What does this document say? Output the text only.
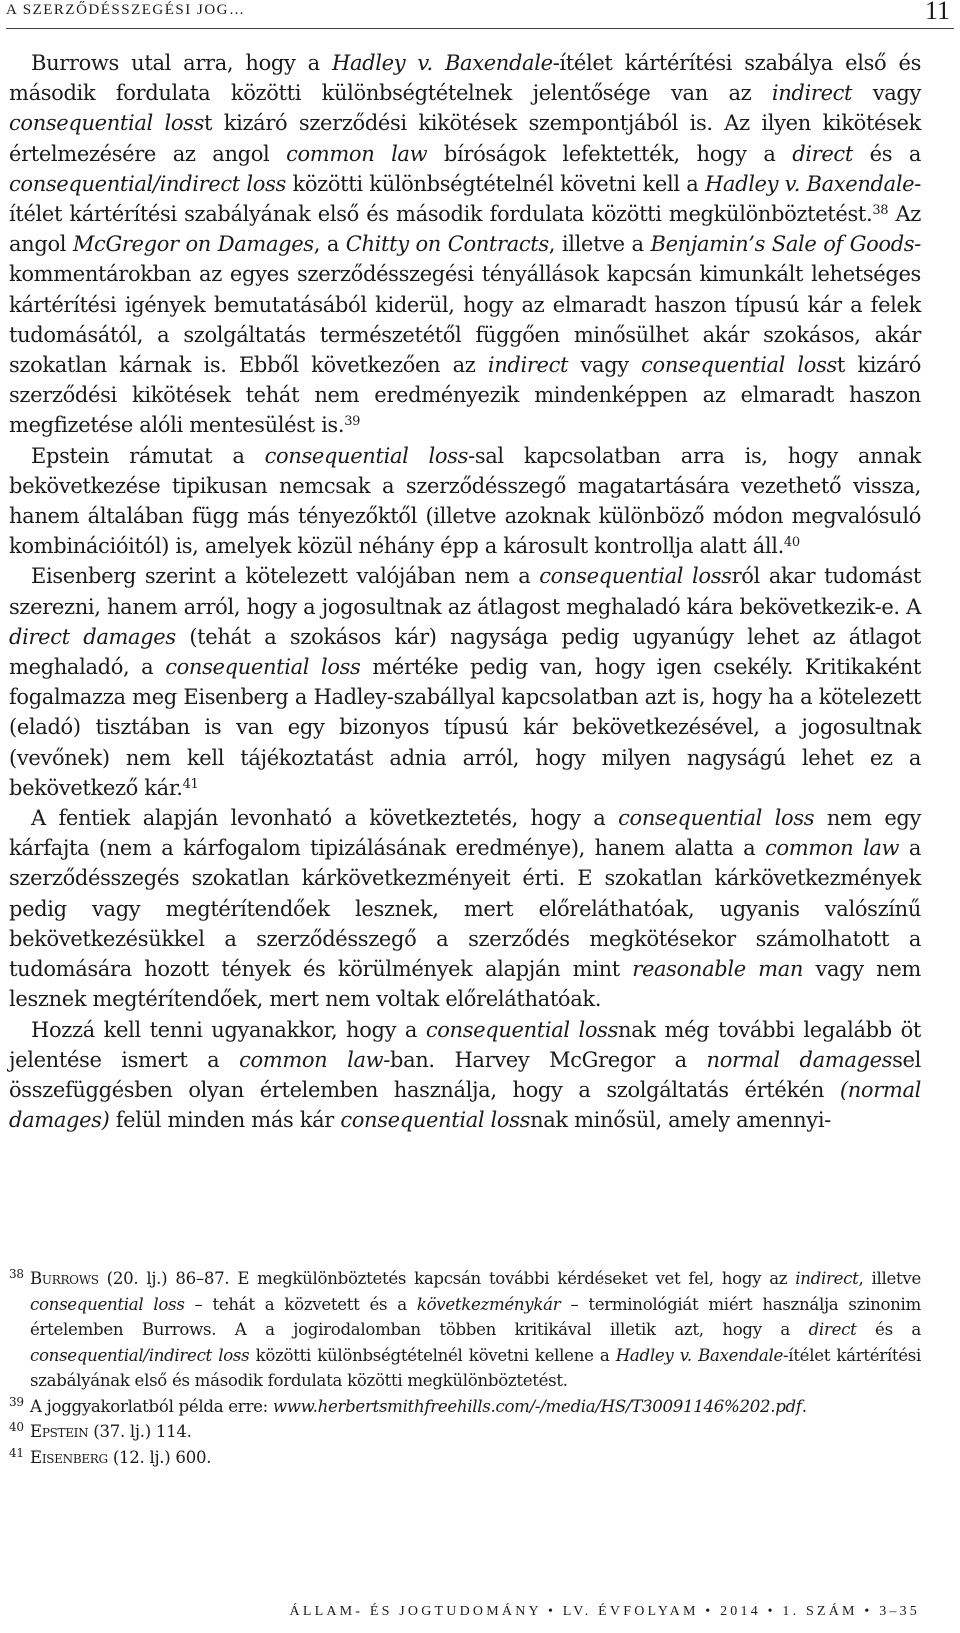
A SZERZŐDÉSSZEGÉSI JOG…	11

Burrows utal arra, hogy a Hadley v. Baxendale-ítélet kártérítési szabálya első és második fordulata közötti különbségtételnek jelentősége van az indirect vagy consequential losst kizáró szerződési kikötések szempontjából is. Az ilyen kikötések értelmezésére az angol common law bíróságok lefektették, hogy a direct és a consequential/indirect loss közötti különbségtételnél követni kell a Hadley v. Baxendale-ítélet kártérítési szabályának első és második fordulata közötti megkülönböztetést.$^{38}$ Az angol McGregor on Damages, a Chitty on Contracts, illetve a Benjamin’s Sale of Goods-kommentárokban az egyes szerződésszegési tényállások kapcsán kimunkált lehetséges kártérítési igények bemutatásából kiderül, hogy az elmaradt haszon típusú kár a felek tudomásától, a szolgáltatás természetétől függően minősülhet akár szokásos, akár szokatlan kárnak is. Ebből következően az indirect vagy consequential losst kizáró szerződési kikötések tehát nem eredményezik mindenképpen az elmaradt haszon megfizetése alóli mentesülést is.$^{39}$

Epstein rámutat a consequential loss-sal kapcsolatban arra is, hogy annak bekövetkezése tipikusan nemcsak a szerződésszegő magatartására vezethető vissza, hanem általában függ más tényezőktől (illetve azoknak különböző módon megvalósuló kombinációitól) is, amelyek közül néhány épp a károsult kontrollja alatt áll.$^{40}$

Eisenberg szerint a kötelezett valójában nem a consequential lossról akar tudomást szerezni, hanem arról, hogy a jogosultnak az átlagost meghaladó kára bekövetkezik-e. A direct damages (tehát a szokásos kár) nagysága pedig ugyanúgy lehet az átlagot meghaladó, a consequential loss mértéke pedig van, hogy igen csekély. Kritikaként fogalmazza meg Eisenberg a Hadley-szabállyal kapcsolatban azt is, hogy ha a kötelezett (eladó) tisztában is van egy bizonyos típusú kár bekövetkezésével, a jogosultnak (vevőnek) nem kell tájékoztatást adnia arról, hogy milyen nagyságú lehet ez a bekövetkező kár.$^{41}$

A fentiek alapján levonható a következtetés, hogy a consequential loss nem egy kárfajta (nem a kárfogalom tipizálásának eredménye), hanem alatta a common law a szerződésszegés szokatlan kárkövetkezményeit érti. E szokatlan kárkövetkezmények pedig vagy megtérítendőek lesznek, mert előreláthatóak, ugyanis valószínű bekövetkezésükkel a szerződésszegő a szerződés megkötésekor számolhatott a tudomására hozott tények és körülmények alapján mint reasonable man vagy nem lesznek megtérítendőek, mert nem voltak előreláthatóak.

Hozzá kell tenni ugyanakkor, hogy a consequential lossnak még további legalább öt jelentése ismert a common law-ban. Harvey McGregor a normal damagessel összefüggésben olyan értelemben használja, hogy a szolgáltatás értékén (normal damages) felül minden más kár consequential lossnak minősül, amely amennyi-

38 Burrows (20. lj.) 86–87. E megkülönböztetés kapcsán további kérdéseket vet fel, hogy az indirect, illetve consequential loss – tehát a közvetett és a következménykár – terminológiát miért használja szinonim értelemben Burrows. A a jogirodalomban többen kritikával illetik azt, hogy a direct és a consequential/indirect loss közötti különbségtételnél követni kellene a Hadley v. Baxendale-ítélet kártérítési szabályának első és második fordulata közötti megkülönböztetést.
39 A joggyakorlatból példa erre: www.herbertsmithfreehills.com/-/media/HS/T30091146%202.pdf.
40 Epstein (37. lj.) 114.
41 Eisenberg (12. lj.) 600.
ÁLLAM- ÉS JOGTUDOMÁNY • LV. ÉVFOLYAM • 2014 • 1. SZÁM • 3–35
